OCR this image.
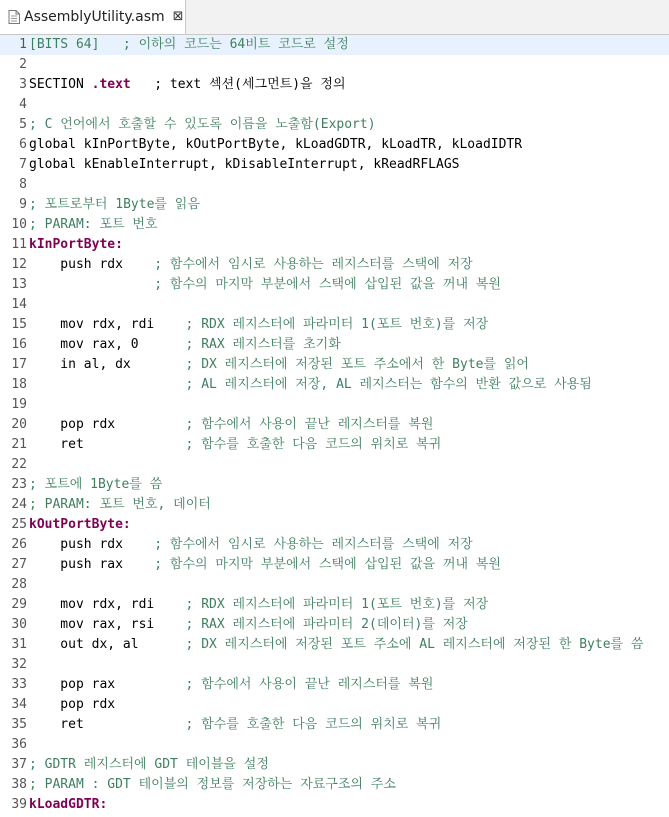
AssemblyUtility.asm ⊠
1 [BITS 64]   ; 이하의 코드는 64비트 코드로 설정
2
3 SECTION .text   ; text 섹션(세그먼트)을 정의
4
5 ; C 언어에서 호출할 수 있도록 이름을 노출함(Export)
6 global kInPortByte, kOutPortByte, kLoadGDTR, kLoadTR, kLoadIDTR
7 global kEnableInterrupt, kDisableInterrupt, kReadRFLAGS
8
9 ; 포트로부터 1Byte를 읽음
10 ; PARAM: 포트 번호
11 kInPortByte:
12 push rdx    ; 함수에서 임시로 사용하는 레지스터를 스택에 저장
13	; 함수의 마지막 부분에서 스택에 삽입된 값을 꺼내 복원
14
15 mov rdx, rdi    ; RDX 레지스터에 파라미터 1(포트 번호)를 저장
16 mov rax, 0      ; RAX 레지스터를 초기화
17 in al, dx       ; DX 레지스터에 저장된 포트 주소에서 한 Byte를 읽어
18	; AL 레지스터에 저장, AL 레지스터는 함수의 반환 값으로 사용됨
19
20 pop rdx         ; 함수에서 사용이 끝난 레지스터를 복원
21 ret             ; 함수를 호출한 다음 코드의 위치로 복귀
22
23 ; 포트에 1Byte를 씀
24 ; PARAM: 포트 번호, 데이터
25 kOutPortByte:
26 push rdx    ; 함수에서 임시로 사용하는 레지스터를 스택에 저장
27 push rax    ; 함수의 마지막 부분에서 스택에 삽입된 값을 꺼내 복원
28
29 mov rdx, rdi    ; RDX 레지스터에 파라미터 1(포트 번호)를 저장
30 mov rax, rsi    ; RAX 레지스터에 파라미터 2(데이터)를 저장
31 out dx, al      ; DX 레지스터에 저장된 포트 주소에 AL 레지스터에 저장된 한 Byte를 씀
32
33 pop rax         ; 함수에서 사용이 끝난 레지스터를 복원
34 pop rdx
35 ret             ; 함수를 호출한 다음 코드의 위치로 복귀
36
37 ; GDTR 레지스터에 GDT 테이블을 설정
38 ; PARAM : GDT 테이블의 정보를 저장하는 자료구조의 주소
39 kLoadGDTR:
